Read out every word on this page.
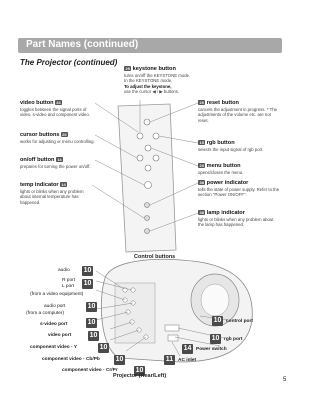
Part Names (continued)
The Projector (continued)
25 keystone button
turns on/off the KEYSTONE mode.
In the KEYSTONE mode,
To adjust the keystone,
use the cursor ◀ / ▶ buttons.
video button 33
toggles between the signal ports of video, s-video and component video.
cursor buttons 20
works for adjusting or menu controlling.
on/off button 14
prepares for turning the power on/off.
temp indicator 14
lights or blinks when any problem about internal temperature has happened.
20 reset button
cancels the adjustment in progress. * The adjustments of the volume etc. are not reset.
15 rgb button
selects the input signal of rgb port.
20 menu button
opens/closes the menu.
38 power indicator
tells the state of power supply. Refer to the section "Power ON/OFF".
38 lamp indicator
lights or blinks when any problem about the lamp has happened.
Control buttons
audio
R port
10
L port 10
(from a video equipment)
audio port	10
(from a computer)
s-video port	10
video port	10
component video - Y	10
component video - Cb/Pb 10
component video - Cr/Pr	10
10 control port
10 rgb port
14 Power switch
11 AC inlet
Projector (Rear/Left)
5
